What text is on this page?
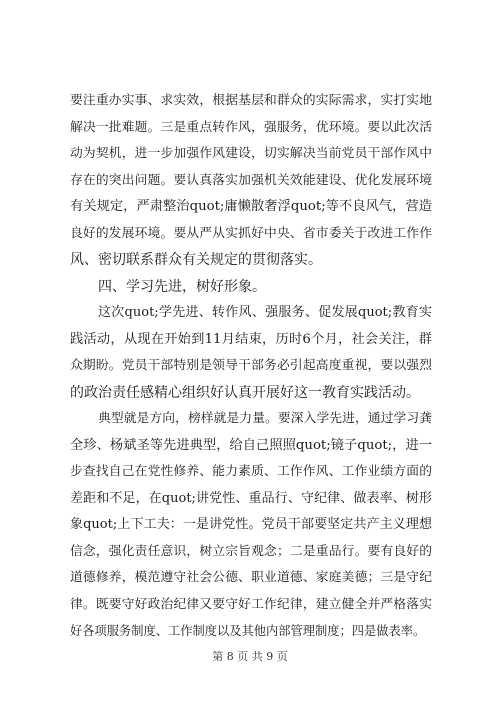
要注重办实事、求实效，根据基层和群众的实际需求，实打实地
解决一批难题。三是重点转作风，强服务，优环境。要以此次活
动为契机，进一步加强作风建设，切实解决当前党员干部作风中
存在的突出问题。要认真落实加强机关效能建设、优化发展环境
有关规定，严肃整治quot;庸懒散奢浮quot;等不良风气，营造
良好的发展环境。要从严从实抓好中央、省市委关于改进工作作
风、密切联系群众有关规定的贯彻落实。
四、学习先进，树好形象。
这次quot;学先进、转作风、强服务、促发展quot;教育实
践活动，从现在开始到11月结束，历时6个月，社会关注，群
众期盼。党员干部特别是领导干部务必引起高度重视，要以强烈
的政治责任感精心组织好认真开展好这一教育实践活动。
典型就是方向，榜样就是力量。要深入学先进，通过学习龚
全珍、杨斌圣等先进典型，给自己照照quot;镜子quot;，进一
步查找自己在党性修养、能力素质、工作作风、工作业绩方面的
差距和不足，在quot;讲党性、重品行、守纪律、做表率、树形
象quot;上下工夫：一是讲党性。党员干部要坚定共产主义理想
信念，强化责任意识，树立宗旨观念；二是重品行。要有良好的
道德修养，模范遵守社会公德、职业道德、家庭美德；三是守纪
律。既要守好政治纪律又要守好工作纪律，建立健全并严格落实
好各项服务制度、工作制度以及其他内部管理制度；四是做表率。
第 8 页 共 9 页
